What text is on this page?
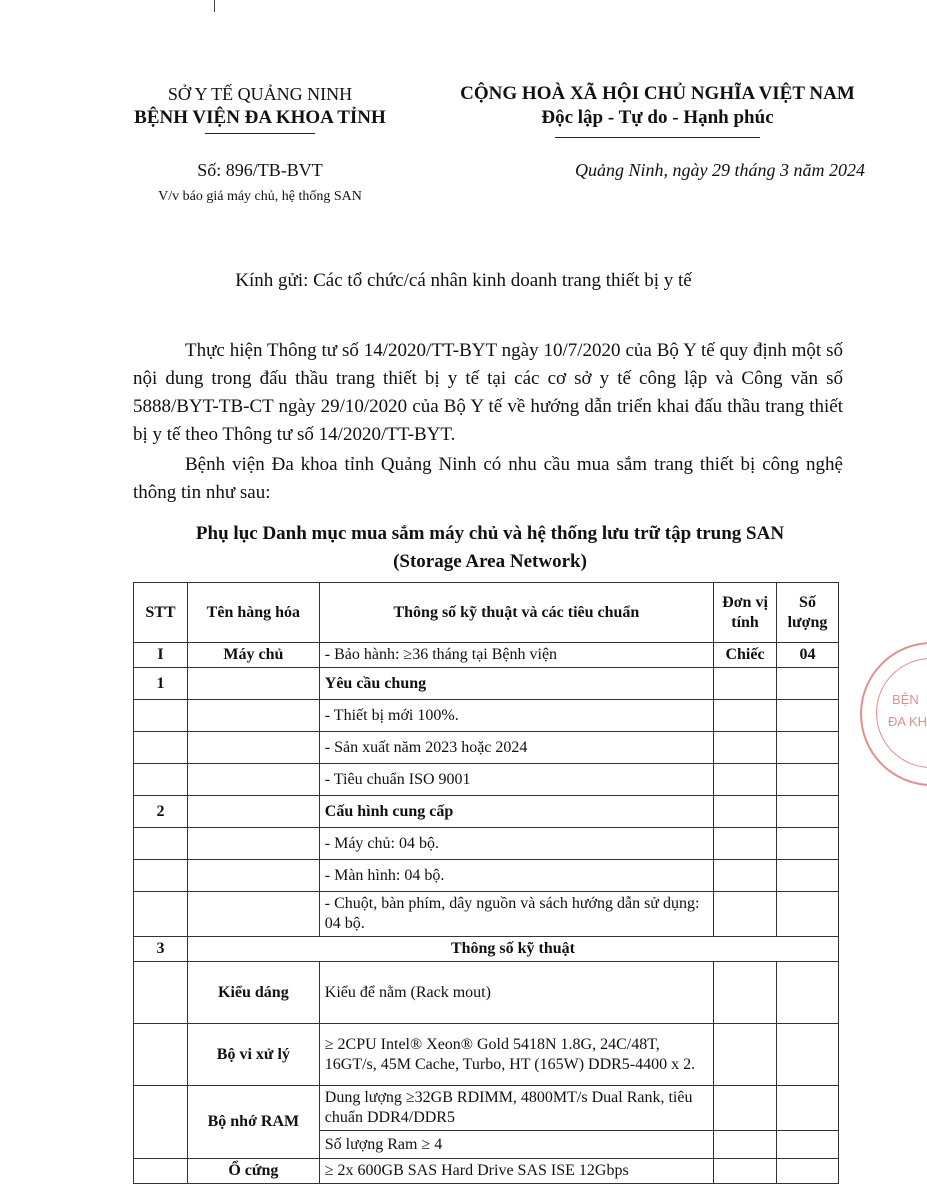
SỞ Y TẾ QUẢNG NINH
BỆNH VIỆN ĐA KHOA TỈNH
CỘNG HOÀ XÃ HỘI CHỦ NGHĨA VIỆT NAM
Độc lập - Tự do - Hạnh phúc
Số: 896/TB-BVT
V/v báo giá máy chủ, hệ thống SAN
Quảng Ninh, ngày 29 tháng 3 năm 2024
Kính gửi: Các tổ chức/cá nhân kinh doanh trang thiết bị y tế
Thực hiện Thông tư số 14/2020/TT-BYT ngày 10/7/2020 của Bộ Y tế quy định một số nội dung trong đấu thầu trang thiết bị y tế tại các cơ sở y tế công lập và Công văn số 5888/BYT-TB-CT ngày 29/10/2020 của Bộ Y tế về hướng dẫn triển khai đấu thầu trang thiết bị y tế theo Thông tư số 14/2020/TT-BYT.
Bệnh viện Đa khoa tỉnh Quảng Ninh có nhu cầu mua sắm trang thiết bị công nghệ thông tin như sau:
Phụ lục Danh mục mua sắm máy chủ và hệ thống lưu trữ tập trung SAN
(Storage Area Network)
STT	Tên hàng hóa	Thông số kỹ thuật và các tiêu chuẩn	Đơn vị tính	Số lượng
I	Máy chủ	- Bảo hành: ≥36 tháng tại Bệnh viện	Chiếc	04
1		Yêu cầu chung		
		- Thiết bị mới 100%.		
		- Sản xuất năm 2023 hoặc 2024		
		- Tiêu chuẩn ISO 9001		
2		Cấu hình cung cấp		
		- Máy chủ: 04 bộ.		
		- Màn hình: 04 bộ.		
		- Chuột, bàn phím, dây nguồn và sách hướng dẫn sử dụng: 04 bộ.		
3	Thông số kỹ thuật			
	Kiểu dáng	Kiểu để nằm (Rack mout)		
	Bộ vi xử lý	≥ 2CPU Intel® Xeon® Gold 5418N 1.8G, 24C/48T, 16GT/s, 45M Cache, Turbo, HT (165W) DDR5-4400 x 2.		
	Bộ nhớ RAM	Dung lượng ≥32GB RDIMM, 4800MT/s Dual Rank, tiêu chuẩn DDR4/DDR5		
		Số lượng Ram ≥ 4		
	Ổ cứng	≥ 2x 600GB SAS Hard Drive SAS ISE 12Gbps		
BỆN
ĐA KH
